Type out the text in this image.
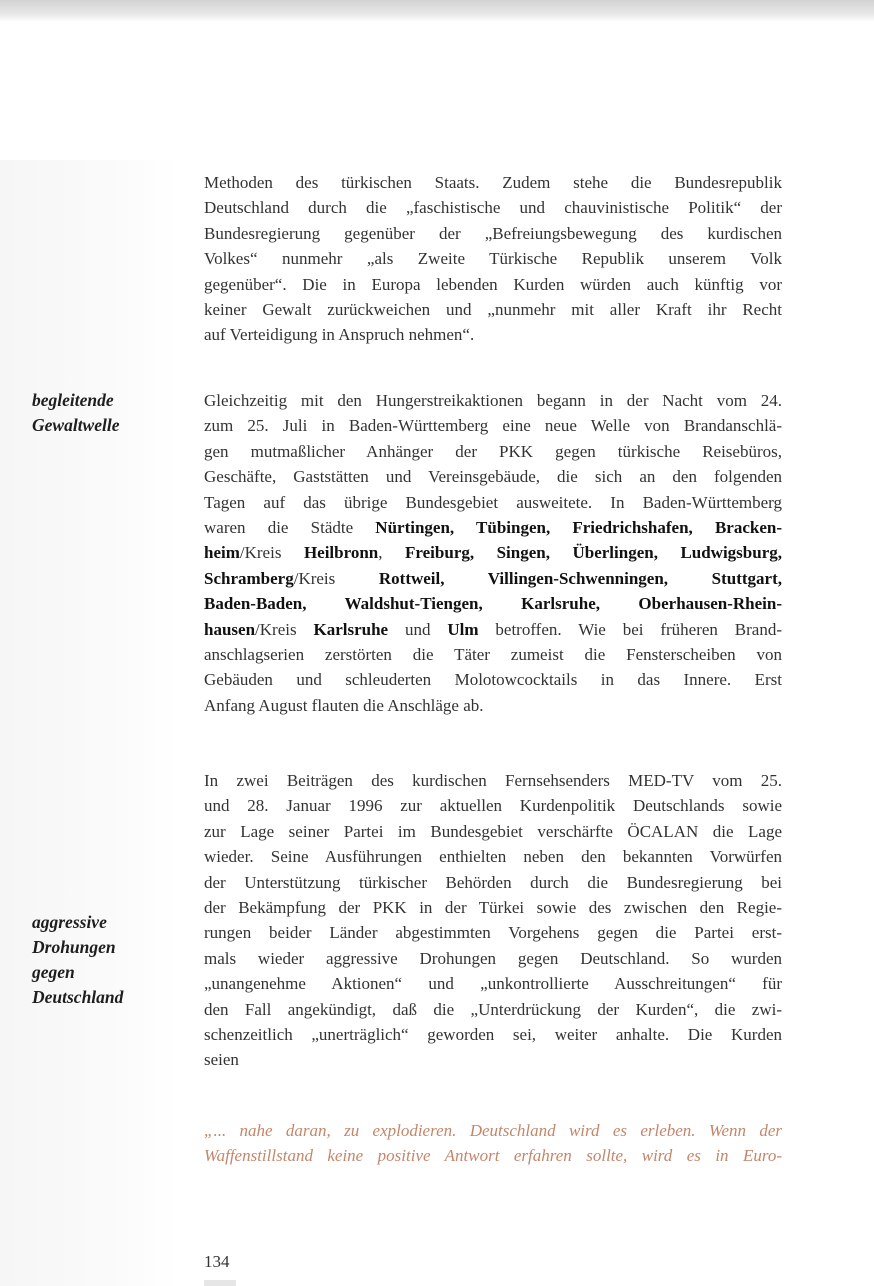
begleitende
Gewaltwelle
aggressive
Drohungen
gegen
Deutschland
Methoden des türkischen Staats. Zudem stehe die Bundesrepublik
Deutschland durch die „faschistische und chauvinistische Politik“ der
Bundesregierung gegenüber der „Befreiungsbewegung des kurdischen
Volkes“ nunmehr „als Zweite Türkische Republik unserem Volk
gegenüber“. Die in Europa lebenden Kurden würden auch künftig vor
keiner Gewalt zurückweichen und „nunmehr mit aller Kraft ihr Recht
auf Verteidigung in Anspruch nehmen“.
Gleichzeitig mit den Hungerstreikaktionen begann in der Nacht vom 24.
zum 25. Juli in Baden-Württemberg eine neue Welle von Brandanschlä-
gen mutmaßlicher Anhänger der PKK gegen türkische Reisebüros,
Geschäfte, Gaststätten und Vereinsgebäude, die sich an den folgenden
Tagen auf das übrige Bundesgebiet ausweitete. In Baden-Württemberg
waren die Städte Nürtingen, Tübingen, Friedrichshafen, Bracken-
heim/Kreis Heilbronn, Freiburg, Singen, Überlingen, Ludwigsburg,
Schramberg/Kreis Rottweil, Villingen-Schwenningen, Stuttgart,
Baden-Baden, Waldshut-Tiengen, Karlsruhe, Oberhausen-Rhein-
hausen/Kreis Karlsruhe und Ulm betroffen. Wie bei früheren Brand-
anschlagserien zerstörten die Täter zumeist die Fensterscheiben von
Gebäuden und schleuderten Molotowcocktails in das Innere. Erst
Anfang August flauten die Anschläge ab.
In zwei Beiträgen des kurdischen Fernsehsenders MED-TV vom 25.
und 28. Januar 1996 zur aktuellen Kurdenpolitik Deutschlands sowie
zur Lage seiner Partei im Bundesgebiet verschärfte ÖCALAN die Lage
wieder. Seine Ausführungen enthielten neben den bekannten Vorwürfen
der Unterstützung türkischer Behörden durch die Bundesregierung bei
der Bekämpfung der PKK in der Türkei sowie des zwischen den Regie-
rungen beider Länder abgestimmten Vorgehens gegen die Partei erst-
mals wieder aggressive Drohungen gegen Deutschland. So wurden
„unangenehme Aktionen“ und „unkontrollierte Ausschreitungen“ für
den Fall angekündigt, daß die „Unterdrückung der Kurden“, die zwi-
schenzeitlich „unerträglich“ geworden sei, weiter anhalte. Die Kurden
seien
„... nahe daran, zu explodieren. Deutschland wird es erleben. Wenn der
Waffenstillstand keine positive Antwort erfahren sollte, wird es in Euro-
134
